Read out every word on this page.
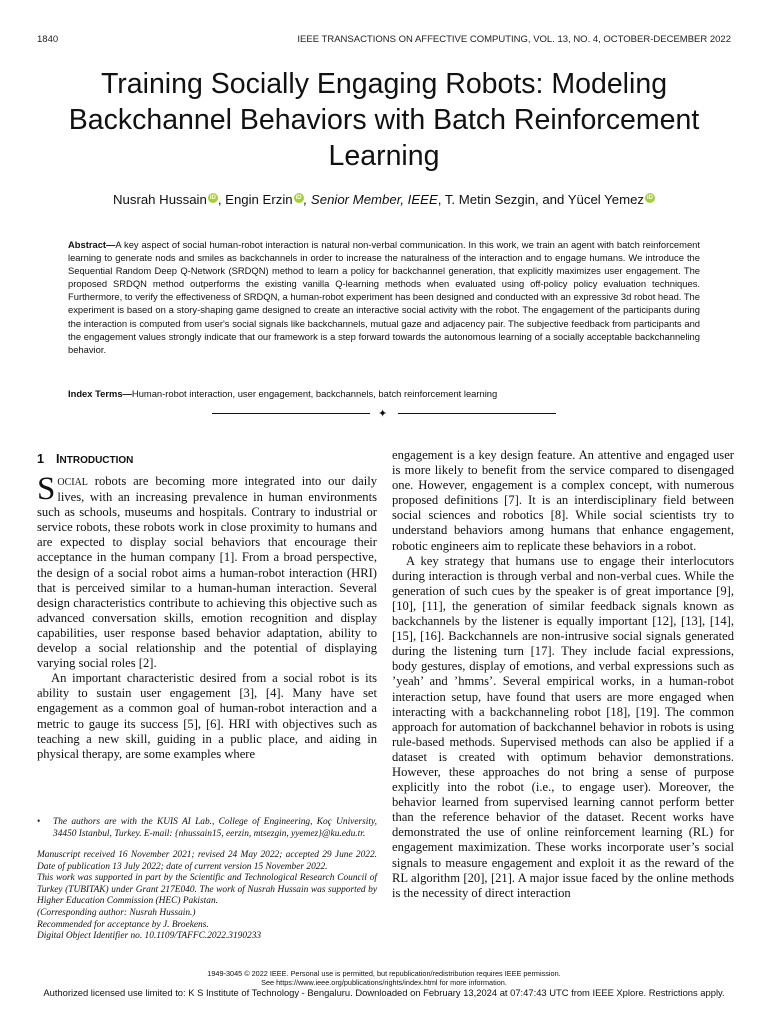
1840	IEEE TRANSACTIONS ON AFFECTIVE COMPUTING, VOL. 13, NO. 4, OCTOBER-DECEMBER 2022
Training Socially Engaging Robots: Modeling Backchannel Behaviors with Batch Reinforcement Learning
Nusrah Hussain iD , Engin Erzin iD , Senior Member, IEEE, T. Metin Sezgin, and Yücel Yemez iD
Abstract—A key aspect of social human-robot interaction is natural non-verbal communication. In this work, we train an agent with batch reinforcement learning to generate nods and smiles as backchannels in order to increase the naturalness of the interaction and to engage humans. We introduce the Sequential Random Deep Q-Network (SRDQN) method to learn a policy for backchannel generation, that explicitly maximizes user engagement. The proposed SRDQN method outperforms the existing vanilla Q-learning methods when evaluated using off-policy policy evaluation techniques. Furthermore, to verify the effectiveness of SRDQN, a human-robot experiment has been designed and conducted with an expressive 3d robot head. The experiment is based on a story-shaping game designed to create an interactive social activity with the robot. The engagement of the participants during the interaction is computed from user's social signals like backchannels, mutual gaze and adjacency pair. The subjective feedback from participants and the engagement values strongly indicate that our framework is a step forward towards the autonomous learning of a socially acceptable backchanneling behavior.
Index Terms—Human-robot interaction, user engagement, backchannels, batch reinforcement learning
✦
1 INTRODUCTION

SOCIAL robots are becoming more integrated into our daily lives, with an increasing prevalence in human environments such as schools, museums and hospitals. Contrary to industrial or service robots, these robots work in close proximity to humans and are expected to display social behaviors that encourage their acceptance in the human company [1]. From a broad perspective, the design of a social robot aims a human-robot interaction (HRI) that is perceived similar to a human-human interaction. Several design characteristics contribute to achieving this objective such as advanced conversation skills, emotion recognition and display capabilities, user response based behavior adaptation, ability to develop a social relationship and the potential of displaying varying social roles [2].

An important characteristic desired from a social robot is its ability to sustain user engagement [3], [4]. Many have set engagement as a common goal of human-robot interaction and a metric to gauge its success [5], [6]. HRI with objectives such as teaching a new skill, guiding in a public place, and aiding in physical therapy, are some examples where

• The authors are with the KUIS AI Lab., College of Engineering, Koç University, 34450 Istanbul, Turkey. E-mail: {nhussain15, eerzin, mtsezgin, yyemez}@ku.edu.tr.
Manuscript received 16 November 2021; revised 24 May 2022; accepted 29 June 2022. Date of publication 13 July 2022; date of current version 15 November 2022.
This work was supported in part by the Scientific and Technological Research Council of Turkey (TUBITAK) under Grant 217E040. The work of Nusrah Hussain was supported by Higher Education Commission (HEC) Pakistan.
(Corresponding author: Nusrah Hussain.)
Recommended for acceptance by J. Broekens.
Digital Object Identifier no. 10.1109/TAFFC.2022.3190233

engagement is a key design feature. An attentive and engaged user is more likely to benefit from the service compared to disengaged one. However, engagement is a complex concept, with numerous proposed definitions [7]. It is an interdisciplinary field between social sciences and robotics [8]. While social scientists try to understand behaviors among humans that enhance engagement, robotic engineers aim to replicate these behaviors in a robot.

A key strategy that humans use to engage their interlocutors during interaction is through verbal and non-verbal cues. While the generation of such cues by the speaker is of great importance [9], [10], [11], the generation of similar feedback signals known as backchannels by the listener is equally important [12], [13], [14], [15], [16]. Backchannels are non-intrusive social signals generated during the listening turn [17]. They include facial expressions, body gestures, display of emotions, and verbal expressions such as ’yeah’ and ’hmms’. Several empirical works, in a human-robot interaction setup, have found that users are more engaged when interacting with a backchanneling robot [18], [19]. The common approach for automation of backchannel behavior in robots is using rule-based methods. Supervised methods can also be applied if a dataset is created with optimum behavior demonstrations. However, these approaches do not bring a sense of purpose explicitly into the robot (i.e., to engage user). Moreover, the behavior learned from supervised learning cannot perform better than the reference behavior of the dataset. Recent works have demonstrated the use of online reinforcement learning (RL) for engagement maximization. These works incorporate user’s social signals to measure engagement and exploit it as the reward of the RL algorithm [20], [21]. A major issue faced by the online methods is the necessity of direct interaction

1949-3045 © 2022 IEEE. Personal use is permitted, but republication/redistribution requires IEEE permission.
See https://www.ieee.org/publications/rights/index.html for more information.
Authorized licensed use limited to: K S Institute of Technology - Bengaluru. Downloaded on February 13,2024 at 07:47:43 UTC from IEEE Xplore. Restrictions apply.
